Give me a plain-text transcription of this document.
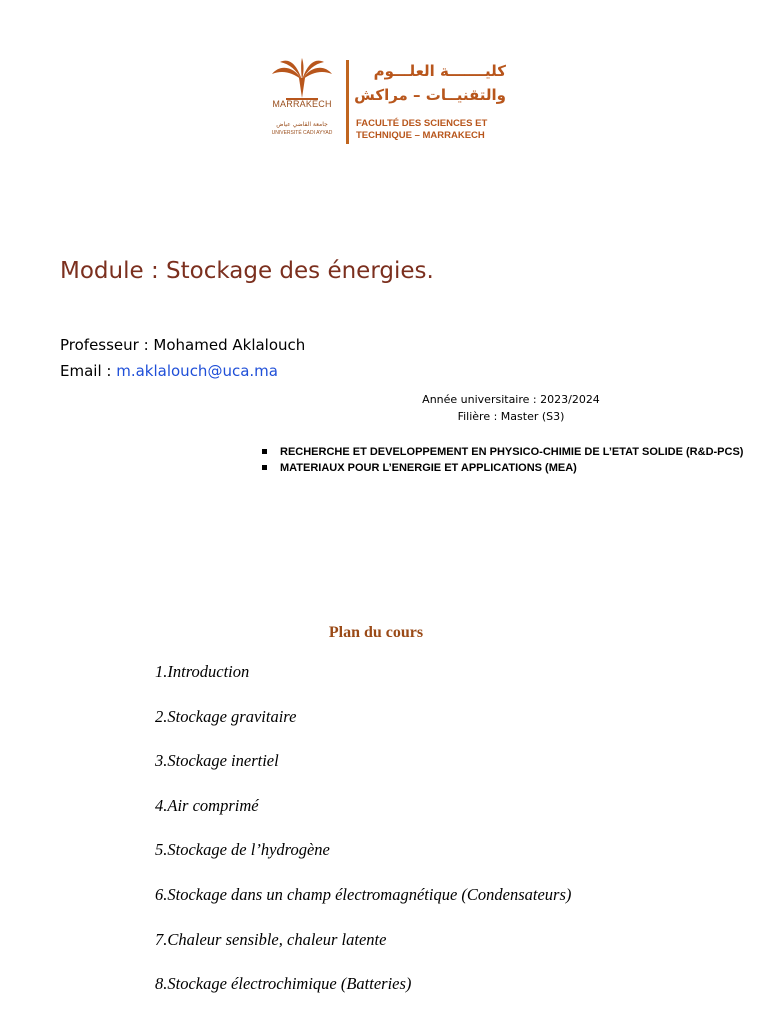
MARRAKECH
جامعة القاضي عياض
UNIVERSITÉ CADI AYYAD
كليـــــــة العلـــوم
والتقنيــات – مراكش
FACULTÉ DES SCIENCES ET
TECHNIQUE – MARRAKECH
Module : Stockage des énergies.
Professeur : Mohamed Aklalouch
Email : m.aklalouch@uca.ma
Année universitaire : 2023/2024
Filière : Master (S3)
RECHERCHE ET DEVELOPPEMENT EN PHYSICO-CHIMIE DE L’ETAT SOLIDE (R&D-PCS)
MATERIAUX POUR L’ENERGIE ET APPLICATIONS (MEA)
Plan du cours
1.Introduction
2.Stockage gravitaire
3.Stockage inertiel
4.Air comprimé
5.Stockage de l’hydrogène
6.Stockage dans un champ électromagnétique (Condensateurs)
7.Chaleur sensible, chaleur latente
8.Stockage électrochimique (Batteries)
